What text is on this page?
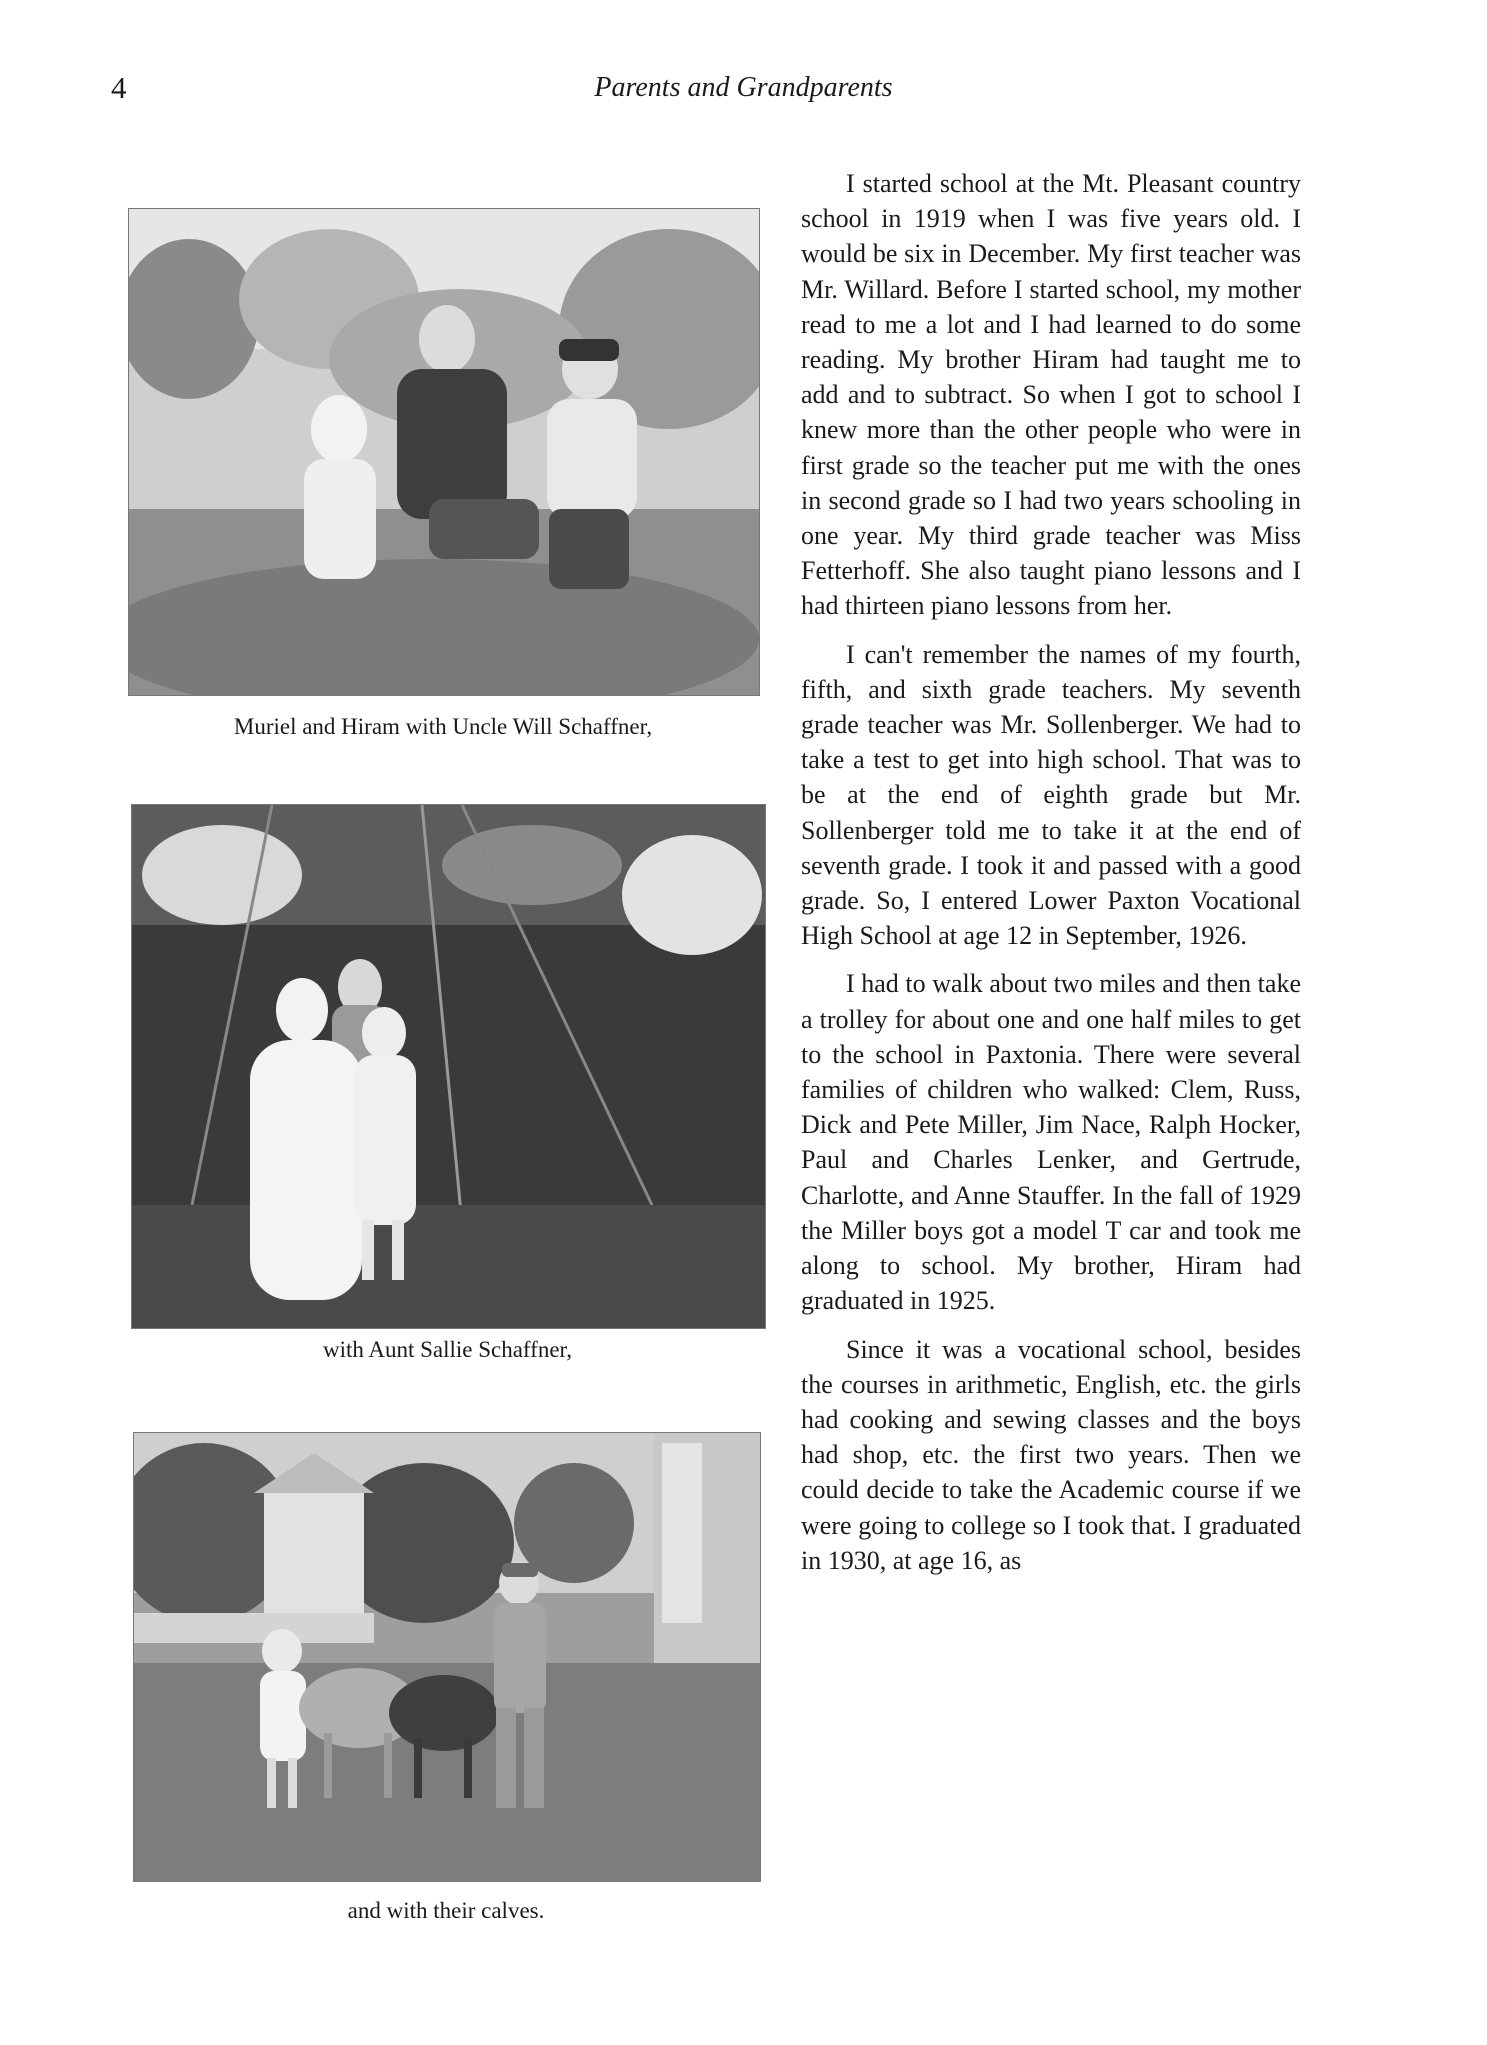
4	Parents and Grandparents
Muriel and Hiram with Uncle Will Schaffner,
with Aunt Sallie Schaffner,
and with their calves.

I started school at the Mt. Pleasant country school in 1919 when I was five years old. I would be six in December. My first teacher was Mr. Willard. Before I started school, my mother read to me a lot and I had learned to do some reading. My brother Hiram had taught me to add and to subtract. So when I got to school I knew more than the other people who were in first grade so the teacher put me with the ones in second grade so I had two years schooling in one year. My third grade teacher was Miss Fetterhoff. She also taught piano lessons and I had thirteen piano lessons from her.

I can't remember the names of my fourth, fifth, and sixth grade teachers. My seventh grade teacher was Mr. Sollenberger. We had to take a test to get into high school. That was to be at the end of eighth grade but Mr. Sollenberger told me to take it at the end of seventh grade. I took it and passed with a good grade. So, I entered Lower Paxton Vocational High School at age 12 in September, 1926.

I had to walk about two miles and then take a trolley for about one and one half miles to get to the school in Paxtonia. There were several families of children who walked: Clem, Russ, Dick and Pete Miller, Jim Nace, Ralph Hocker, Paul and Charles Lenker, and Gertrude, Charlotte, and Anne Stauffer. In the fall of 1929 the Miller boys got a model T car and took me along to school. My brother, Hiram had graduated in 1925.

Since it was a vocational school, besides the courses in arithmetic, English, etc. the girls had cooking and sewing classes and the boys had shop, etc. the first two years. Then we could decide to take the Academic course if we were going to college so I took that. I graduated in 1930, at age 16, as
